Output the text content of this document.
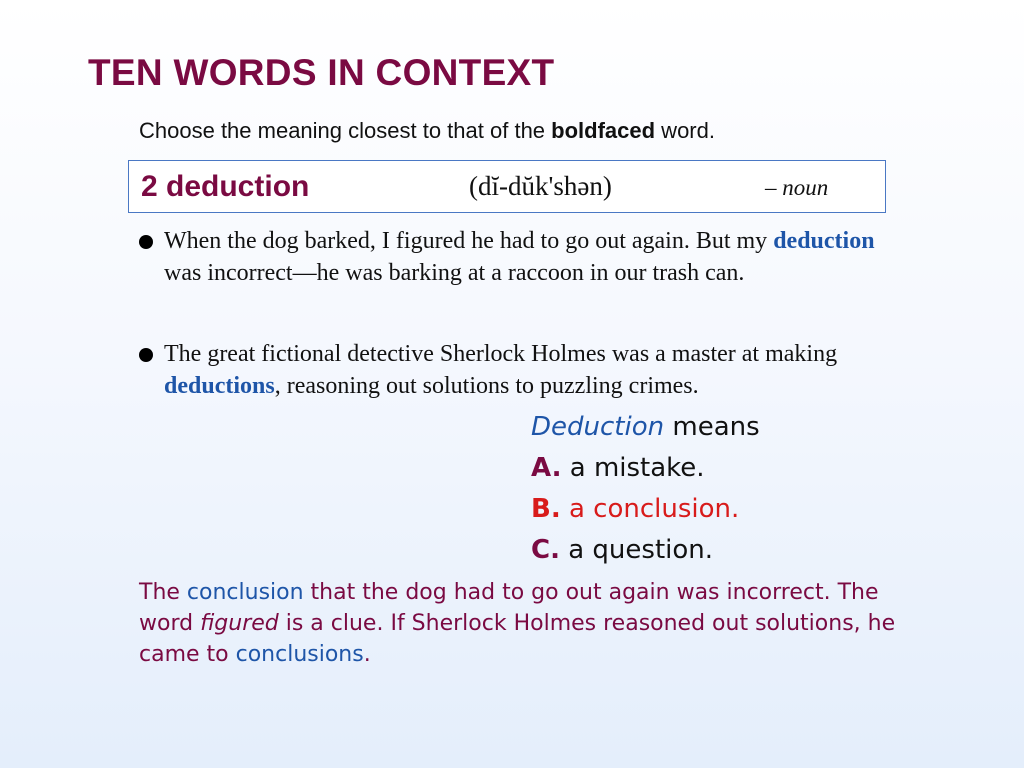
TEN WORDS IN CONTEXT
Choose the meaning closest to that of the boldfaced word.
2 deduction	(dĭ-dŭk'shən)	– noun
When the dog barked, I figured he had to go out again. But my deduction was incorrect—he was barking at a raccoon in our trash can.
The great fictional detective Sherlock Holmes was a master at making deductions, reasoning out solutions to puzzling crimes.
Deduction means
A. a mistake.
B. a conclusion.
C. a question.
The conclusion that the dog had to go out again was incorrect. The word figured is a clue. If Sherlock Holmes reasoned out solutions, he came to conclusions.
